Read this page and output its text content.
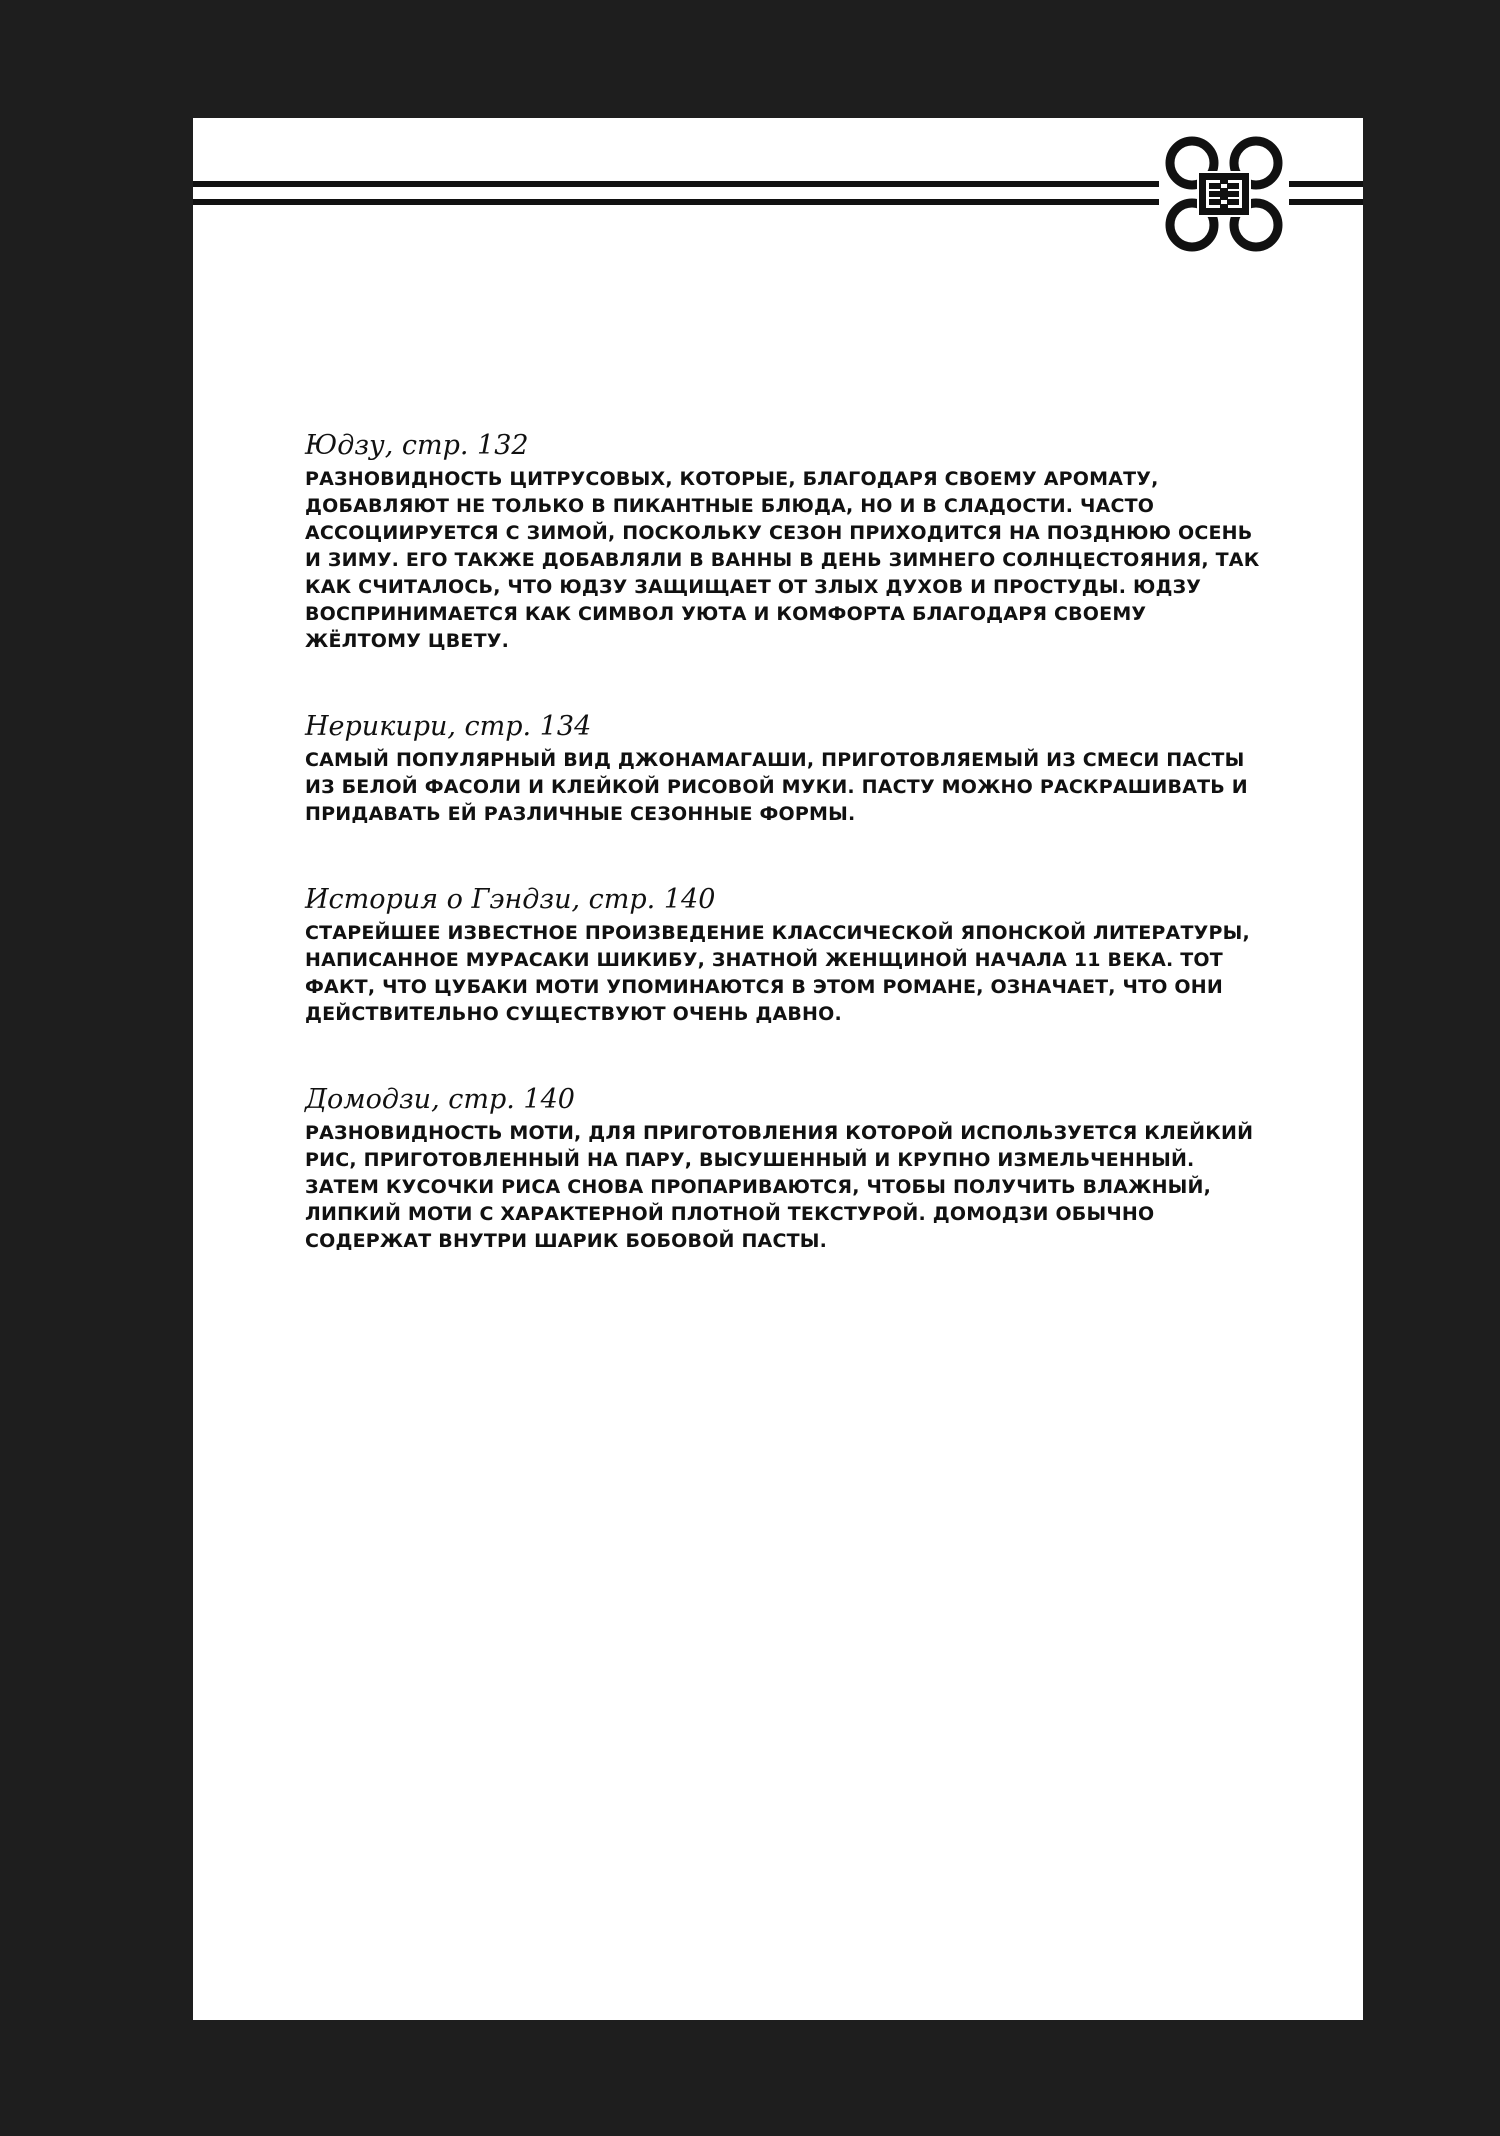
Юдзу, стр. 132

РАЗНОВИДНОСТЬ ЦИТРУСОВЫХ, КОТОРЫЕ, БЛАГОДАРЯ СВОЕМУ АРОМАТУ, ДОБАВЛЯЮТ НЕ ТОЛЬКО В ПИКАНТНЫЕ БЛЮДА, НО И В СЛАДОСТИ. ЧАСТО АССОЦИИРУЕТСЯ С ЗИМОЙ, ПОСКОЛЬКУ СЕЗОН ПРИХОДИТСЯ НА ПОЗДНЮЮ ОСЕНЬ И ЗИМУ. ЕГО ТАКЖЕ ДОБАВЛЯЛИ В ВАННЫ В ДЕНЬ ЗИМНЕГО СОЛНЦЕСТОЯНИЯ, ТАК КАК СЧИТАЛОСЬ, ЧТО ЮДЗУ ЗАЩИЩАЕТ ОТ ЗЛЫХ ДУХОВ И ПРОСТУДЫ. ЮДЗУ ВОСПРИНИМАЕТСЯ КАК СИМВОЛ УЮТА И КОМФОРТА БЛАГОДАРЯ СВОЕМУ ЖЁЛТОМУ ЦВЕТУ.

Нерикири, стр. 134

САМЫЙ ПОПУЛЯРНЫЙ ВИД ДЖОНАМАГАШИ, ПРИГОТОВЛЯЕМЫЙ ИЗ СМЕСИ ПАСТЫ ИЗ БЕЛОЙ ФАСОЛИ И КЛЕЙКОЙ РИСОВОЙ МУКИ. ПАСТУ МОЖНО РАСКРАШИВАТЬ И ПРИДАВАТЬ ЕЙ РАЗЛИЧНЫЕ СЕЗОННЫЕ ФОРМЫ.

История о Гэндзи, стр. 140

СТАРЕЙШЕЕ ИЗВЕСТНОЕ ПРОИЗВЕДЕНИЕ КЛАССИЧЕСКОЙ ЯПОНСКОЙ ЛИТЕРАТУРЫ, НАПИСАННОЕ МУРАСАКИ ШИКИБУ, ЗНАТНОЙ ЖЕНЩИНОЙ НАЧАЛА 11 ВЕКА. ТОТ ФАКТ, ЧТО ЦУБАКИ МОТИ УПОМИНАЮТСЯ В ЭТОМ РОМАНЕ, ОЗНАЧАЕТ, ЧТО ОНИ ДЕЙСТВИТЕЛЬНО СУЩЕСТВУЮТ ОЧЕНЬ ДАВНО.

Домодзи, стр. 140

РАЗНОВИДНОСТЬ МОТИ, ДЛЯ ПРИГОТОВЛЕНИЯ КОТОРОЙ ИСПОЛЬЗУЕТСЯ КЛЕЙКИЙ РИС, ПРИГОТОВЛЕННЫЙ НА ПАРУ, ВЫСУШЕННЫЙ И КРУПНО ИЗМЕЛЬЧЕННЫЙ. ЗАТЕМ КУСОЧКИ РИСА СНОВА ПРОПАРИВАЮТСЯ, ЧТОБЫ ПОЛУЧИТЬ ВЛАЖНЫЙ, ЛИПКИЙ МОТИ С ХАРАКТЕРНОЙ ПЛОТНОЙ ТЕКСТУРОЙ. ДОМОДЗИ ОБЫЧНО СОДЕРЖАТ ВНУТРИ ШАРИК БОБОВОЙ ПАСТЫ.
